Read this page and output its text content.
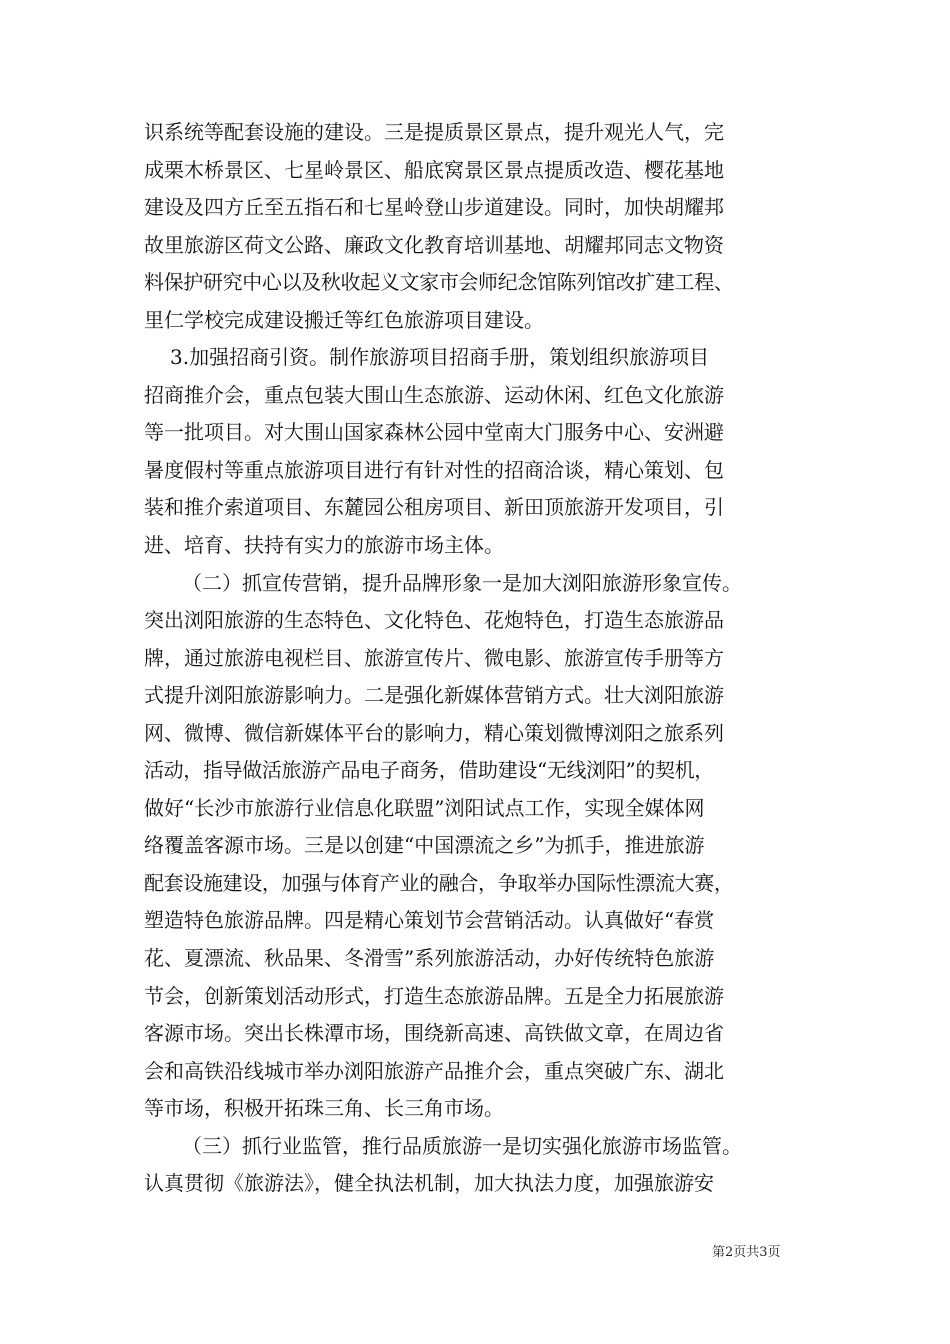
识系统等配套设施的建设。三是提质景区景点，提升观光人气，完
成栗木桥景区、七星岭景区、船底窝景区景点提质改造、樱花基地
建设及四方丘至五指石和七星岭登山步道建设。同时，加快胡耀邦
故里旅游区荷文公路、廉政文化教育培训基地、胡耀邦同志文物资
料保护研究中心以及秋收起义文家市会师纪念馆陈列馆改扩建工程、
里仁学校完成建设搬迁等红色旅游项目建设。
3.加强招商引资。制作旅游项目招商手册，策划组织旅游项目
招商推介会，重点包装大围山生态旅游、运动休闲、红色文化旅游
等一批项目。对大围山国家森林公园中堂南大门服务中心、安洲避
暑度假村等重点旅游项目进行有针对性的招商洽谈，精心策划、包
装和推介索道项目、东麓园公租房项目、新田顶旅游开发项目，引
进、培育、扶持有实力的旅游市场主体。
（二）抓宣传营销，提升品牌形象一是加大浏阳旅游形象宣传。
突出浏阳旅游的生态特色、文化特色、花炮特色，打造生态旅游品
牌，通过旅游电视栏目、旅游宣传片、微电影、旅游宣传手册等方
式提升浏阳旅游影响力。二是强化新媒体营销方式。壮大浏阳旅游
网、微博、微信新媒体平台的影响力，精心策划微博浏阳之旅系列
活动，指导做活旅游产品电子商务，借助建设“无线浏阳”的契机，
做好“长沙市旅游行业信息化联盟”浏阳试点工作，实现全媒体网
络覆盖客源市场。三是以创建“中国漂流之乡”为抓手，推进旅游
配套设施建设，加强与体育产业的融合，争取举办国际性漂流大赛，
塑造特色旅游品牌。四是精心策划节会营销活动。认真做好“春赏
花、夏漂流、秋品果、冬滑雪”系列旅游活动，办好传统特色旅游
节会，创新策划活动形式，打造生态旅游品牌。五是全力拓展旅游
客源市场。突出长株潭市场，围绕新高速、高铁做文章，在周边省
会和高铁沿线城市举办浏阳旅游产品推介会，重点突破广东、湖北
等市场，积极开拓珠三角、长三角市场。
（三）抓行业监管，推行品质旅游一是切实强化旅游市场监管。
认真贯彻《旅游法》，健全执法机制，加大执法力度，加强旅游安
第2页共3页
